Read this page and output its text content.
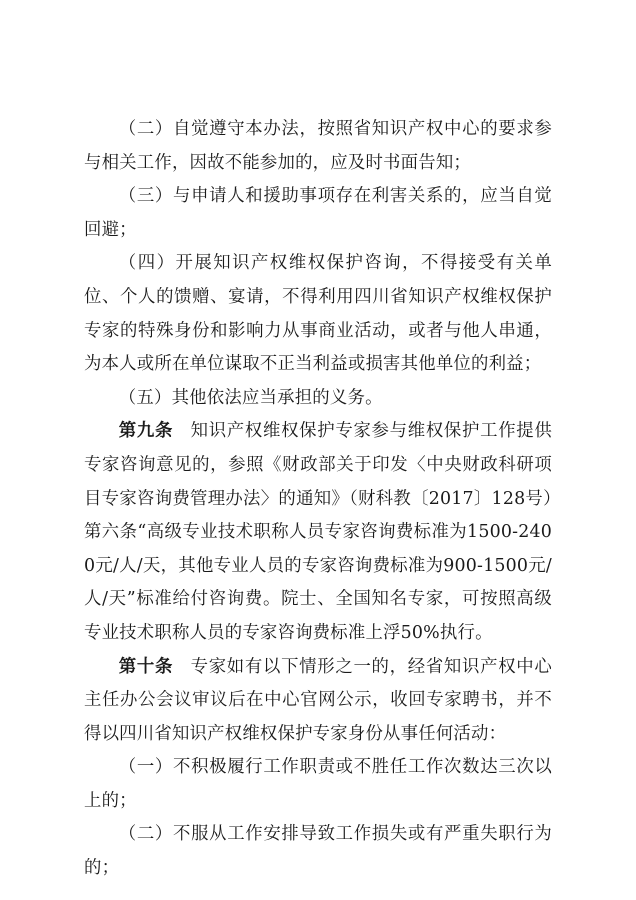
（二）自觉遵守本办法，按照省知识产权中心的要求参与相关工作，因故不能参加的，应及时书面告知；

（三）与申请人和援助事项存在利害关系的，应当自觉回避；

（四）开展知识产权维权保护咨询，不得接受有关单位、个人的馈赠、宴请，不得利用四川省知识产权维权保护专家的特殊身份和影响力从事商业活动，或者与他人串通，为本人或所在单位谋取不正当利益或损害其他单位的利益；

（五）其他依法应当承担的义务。

第九条 知识产权维权保护专家参与维权保护工作提供专家咨询意见的，参照《财政部关于印发〈中央财政科研项目专家咨询费管理办法〉的通知》（财科教〔2017〕128号）第六条“高级专业技术职称人员专家咨询费标准为1500-2400元/人/天，其他专业人员的专家咨询费标准为900-1500元/人/天”标准给付咨询费。院士、全国知名专家，可按照高级专业技术职称人员的专家咨询费标准上浮50%执行。

第十条 专家如有以下情形之一的，经省知识产权中心主任办公会议审议后在中心官网公示，收回专家聘书，并不得以四川省知识产权维权保护专家身份从事任何活动：

（一）不积极履行工作职责或不胜任工作次数达三次以上的；

（二）不服从工作安排导致工作损失或有严重失职行为的；
